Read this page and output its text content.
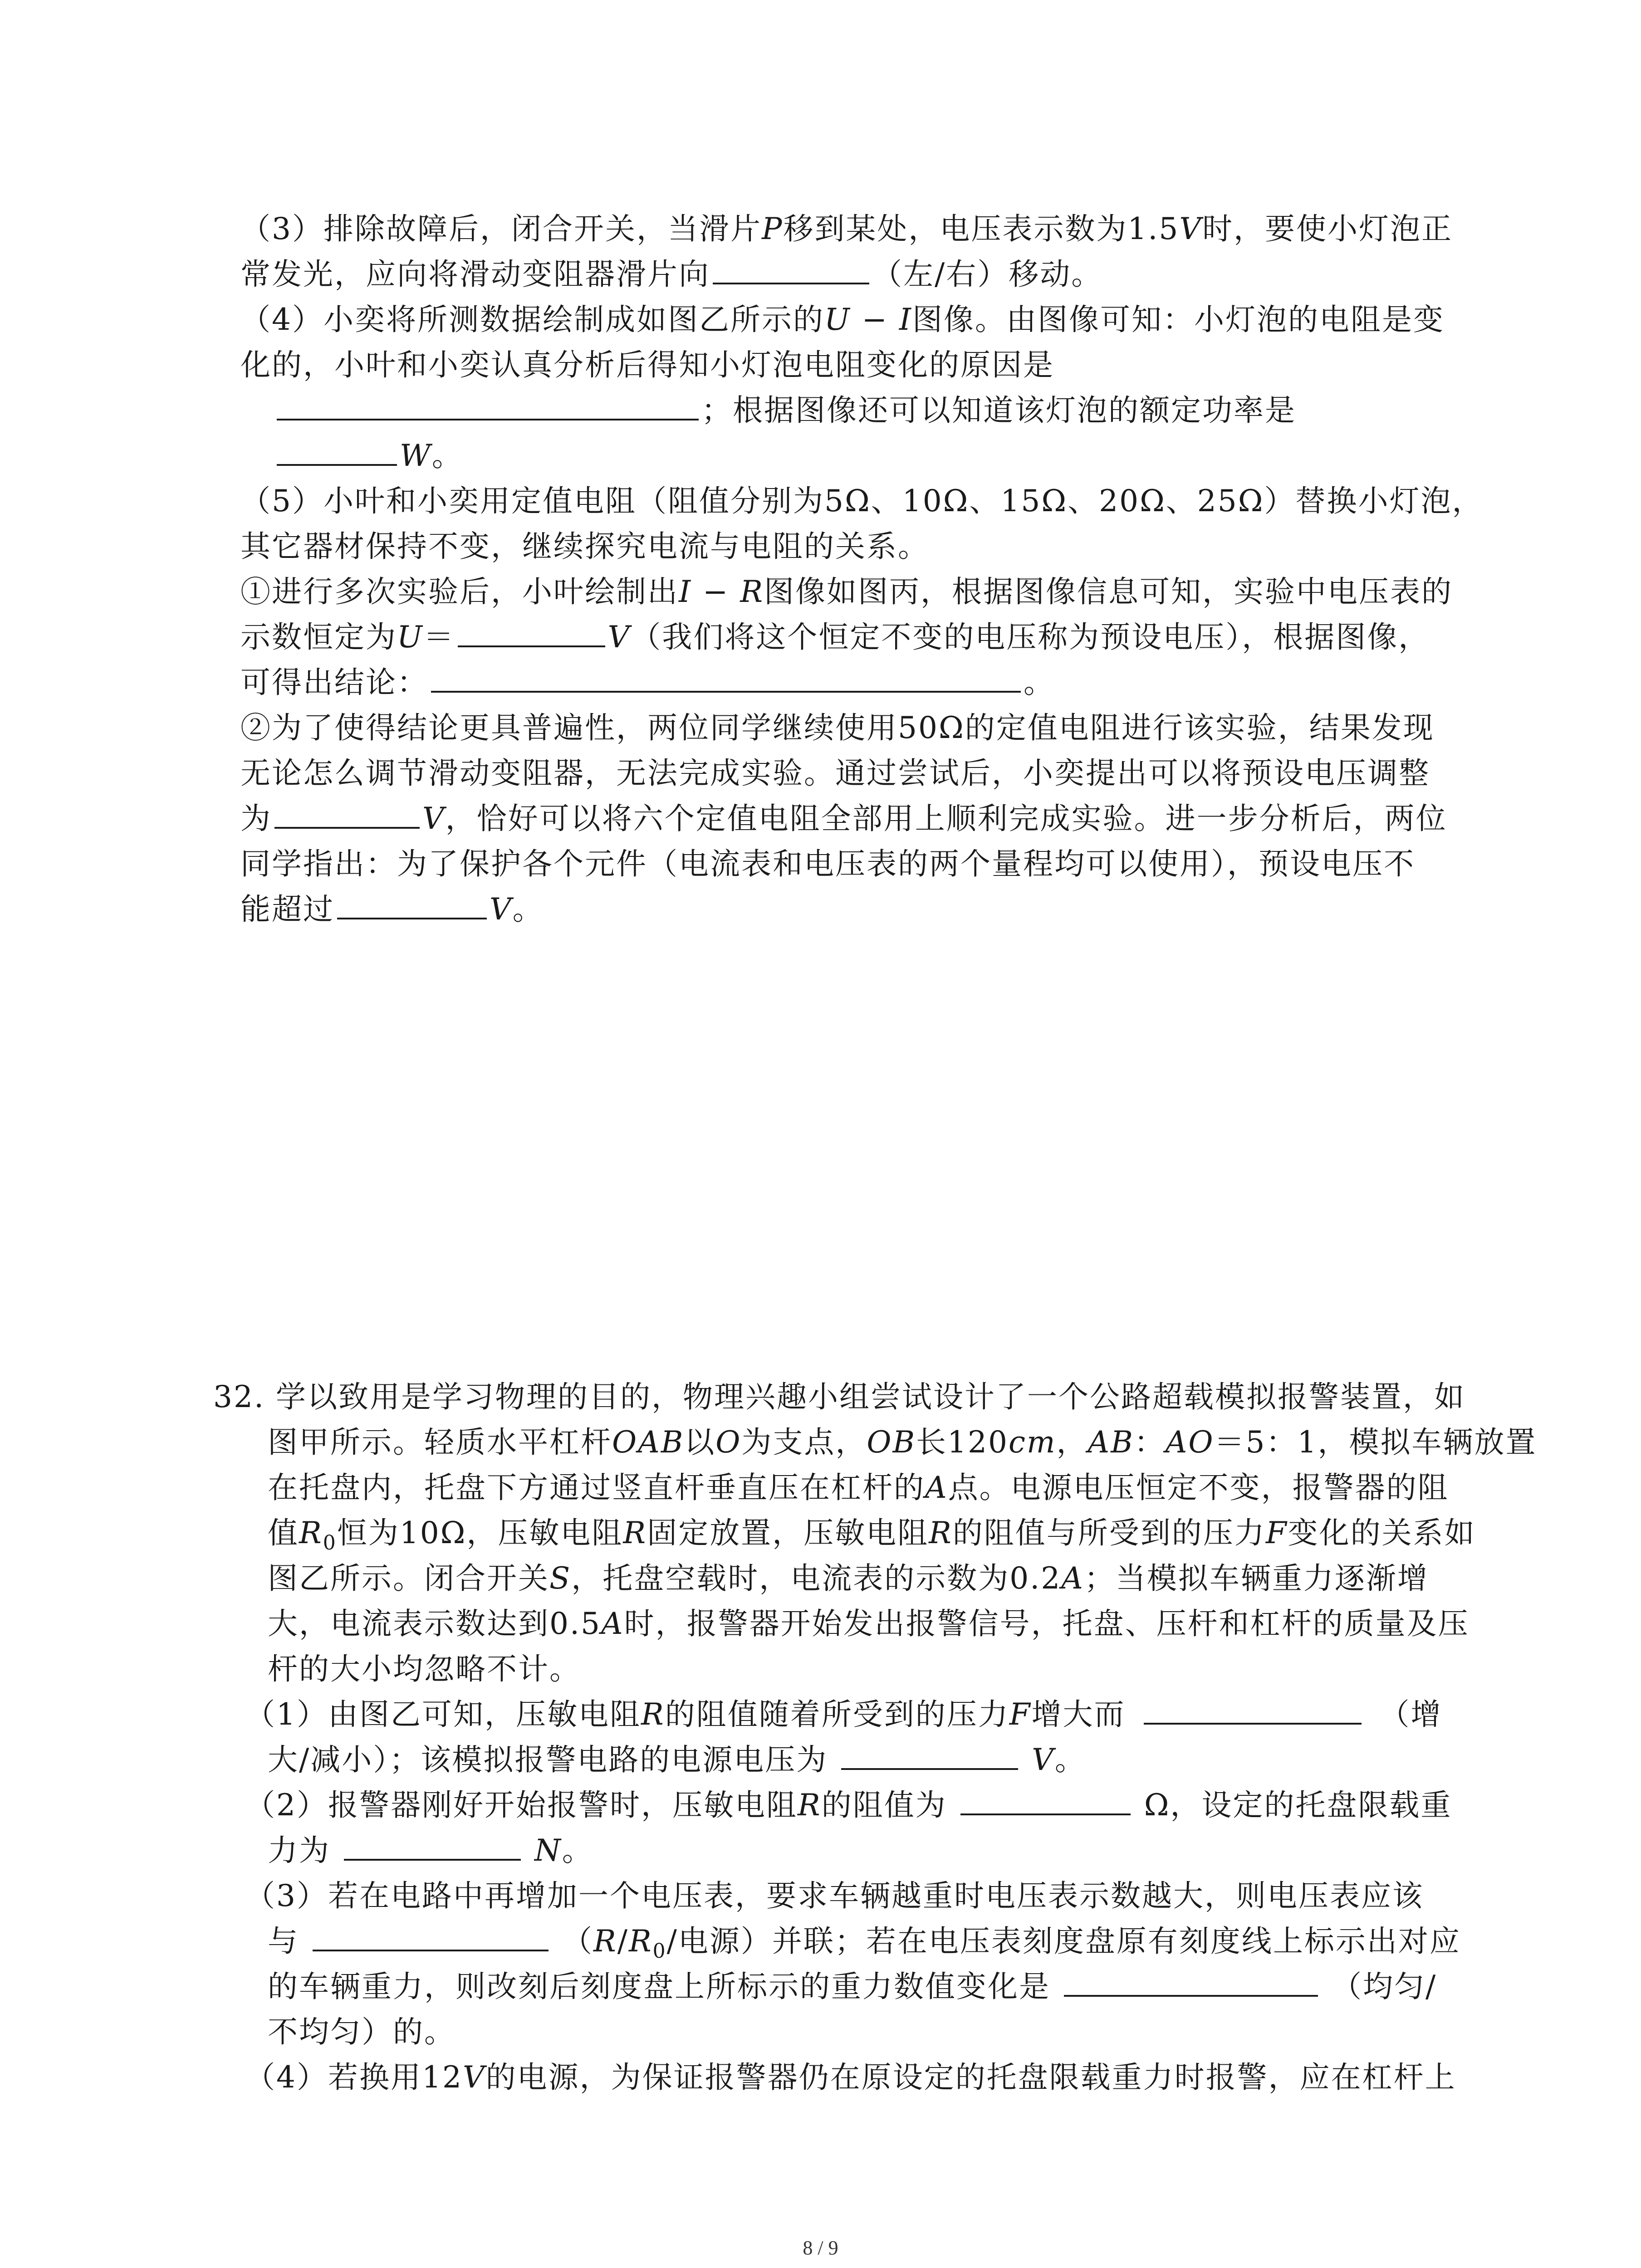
（3）排除故障后，闭合开关，当滑片P移到某处，电压表示数为1.5V时，要使小灯泡正
常发光，应向将滑动变阻器滑片向	（左/右）移动。
（4）小奕将所测数据绘制成如图乙所示的U − I图像。由图像可知：小灯泡的电阻是变
化的，小叶和小奕认真分析后得知小灯泡电阻变化的原因是
；根据图像还可以知道该灯泡的额定功率是
W。
（5）小叶和小奕用定值电阻（阻值分别为5Ω、10Ω、15Ω、20Ω、25Ω）替换小灯泡，
其它器材保持不变，继续探究电流与电阻的关系。
①进行多次实验后，小叶绘制出I − R图像如图丙，根据图像信息可知，实验中电压表的
示数恒定为U＝	V（我们将这个恒定不变的电压称为预设电压），根据图像，
可得出结论：	。
②为了使得结论更具普遍性，两位同学继续使用50Ω的定值电阻进行该实验，结果发现
无论怎么调节滑动变阻器，无法完成实验。通过尝试后，小奕提出可以将预设电压调整
为	V，恰好可以将六个定值电阻全部用上顺利完成实验。进一步分析后，两位
同学指出：为了保护各个元件（电流表和电压表的两个量程均可以使用），预设电压不
能超过	V。
32. 学以致用是学习物理的目的，物理兴趣小组尝试设计了一个公路超载模拟报警装置，如
图甲所示。轻质水平杠杆OAB以O为支点，OB长120cm，AB：AO＝5：1，模拟车辆放置
在托盘内，托盘下方通过竖直杆垂直压在杠杆的A点。电源电压恒定不变，报警器的阻
值$R_0$恒为10Ω，压敏电阻R固定放置，压敏电阻R的阻值与所受到的压力F变化的关系如
图乙所示。闭合开关S，托盘空载时，电流表的示数为0.2A；当模拟车辆重力逐渐增
大，电流表示数达到0.5A时，报警器开始发出报警信号，托盘、压杆和杠杆的质量及压
杆的大小均忽略不计。
（1）由图乙可知，压敏电阻R的阻值随着所受到的压力F增大而	（增
大/减小）；该模拟报警电路的电源电压为	V。
（2）报警器刚好开始报警时，压敏电阻R的阻值为	Ω，设定的托盘限载重
力为	N。
（3）若在电路中再增加一个电压表，要求车辆越重时电压表示数越大，则电压表应该
与	（$R/R_0/$电源）并联；若在电压表刻度盘原有刻度线上标示出对应
的车辆重力，则改刻后刻度盘上所标示的重力数值变化是	（均匀/
不均匀）的。
（4）若换用12V的电源，为保证报警器仍在原设定的托盘限载重力时报警，应在杠杆上
8 / 9
